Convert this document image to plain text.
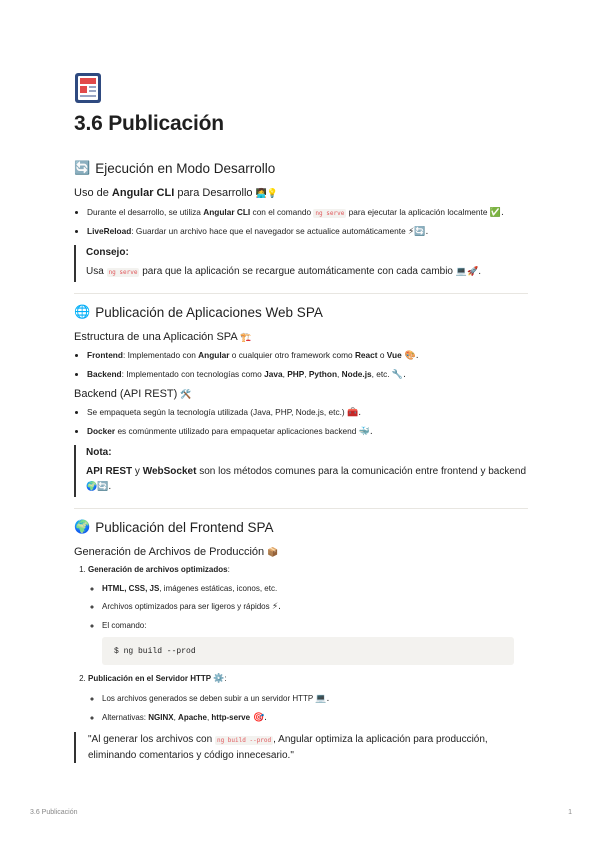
3.6 Publicación
🔄 Ejecución en Modo Desarrollo
Uso de Angular CLI para Desarrollo 👩‍💻💡
• Durante el desarrollo, se utiliza Angular CLI con el comando ng serve para ejecutar la aplicación localmente ✅.
• LiveReload: Guardar un archivo hace que el navegador se actualice automáticamente ⚡🔄.
Consejo:
Usa ng serve para que la aplicación se recargue automáticamente con cada cambio 💻🚀.
🌐 Publicación de Aplicaciones Web SPA
Estructura de una Aplicación SPA 🏗️
• Frontend: Implementado con Angular o cualquier otro framework como React o Vue 🎨.
• Backend: Implementado con tecnologías como Java, PHP, Python, Node.js, etc. 🔧.
Backend (API REST) 🛠️
• Se empaqueta según la tecnología utilizada (Java, PHP, Node.js, etc.) 🧰.
• Docker es comúnmente utilizado para empaquetar aplicaciones backend 🐳.
Nota:
API REST y WebSocket son los métodos comunes para la comunicación entre frontend y backend 🌍🔄.
🌍 Publicación del Frontend SPA
Generación de Archivos de Producción 📦
1. Generación de archivos optimizados:
◦ HTML, CSS, JS, imágenes estáticas, iconos, etc.
◦ Archivos optimizados para ser ligeros y rápidos ⚡.
◦ El comando:
$ ng build --prod
2. Publicación en el Servidor HTTP ⚙️:
◦ Los archivos generados se deben subir a un servidor HTTP 💻.
◦ Alternativas: NGINX, Apache, http-serve 🎯.
"Al generar los archivos con ng build --prod , Angular optimiza la aplicación para producción, eliminando comentarios y código innecesario."
3.6 Publicación	1
